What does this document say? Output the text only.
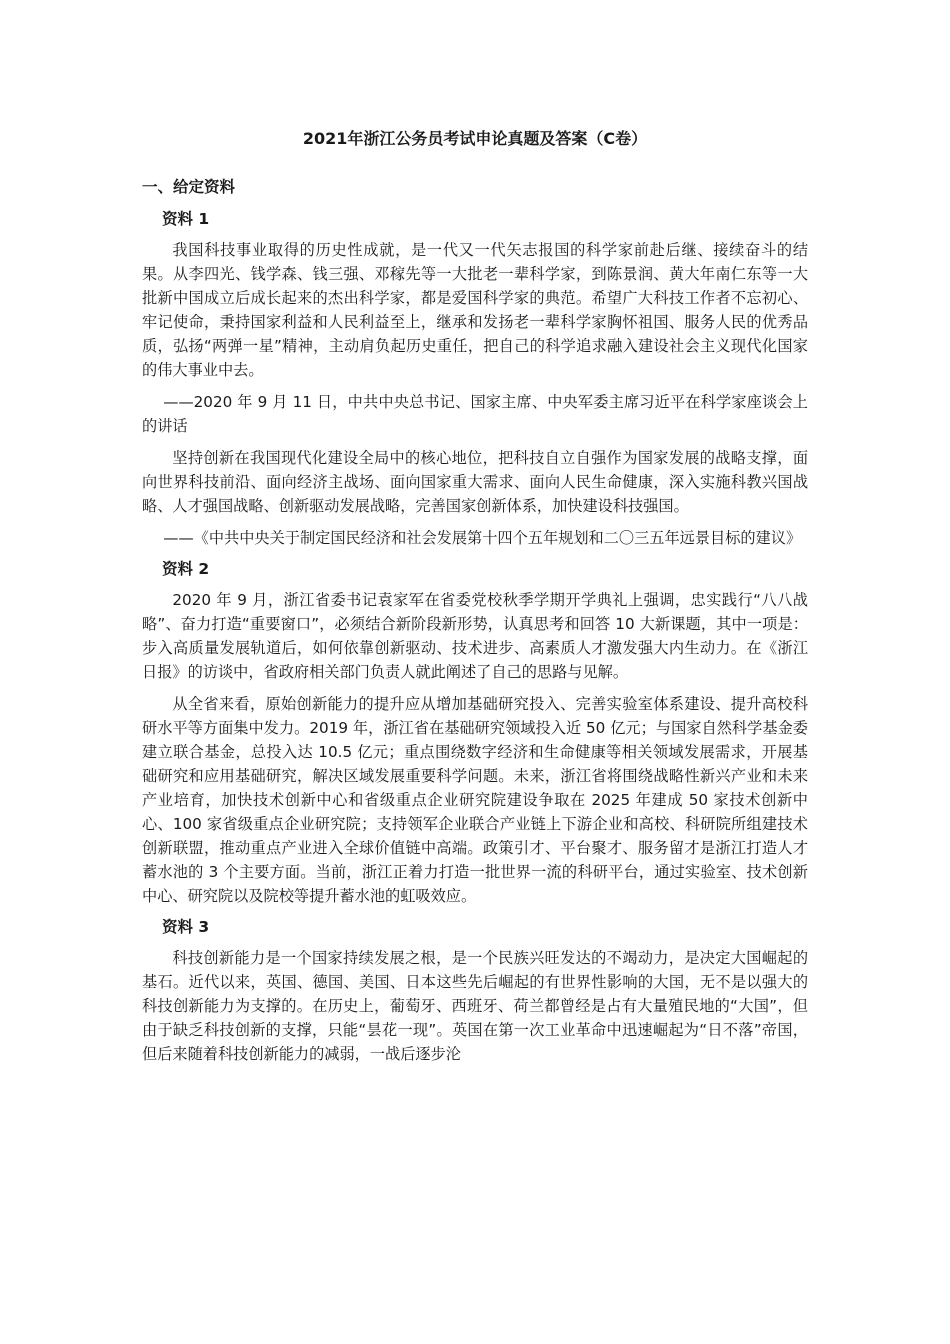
2021年浙江公务员考试申论真题及答案（C卷）
一、给定资料
资料 1

我国科技事业取得的历史性成就，是一代又一代矢志报国的科学家前赴后继、接续奋斗的结果。从李四光、钱学森、钱三强、邓稼先等一大批老一辈科学家，到陈景润、黄大年南仁东等一大批新中国成立后成长起来的杰出科学家，都是爱国科学家的典范。希望广大科技工作者不忘初心、牢记使命，秉持国家利益和人民利益至上，继承和发扬老一辈科学家胸怀祖国、服务人民的优秀品质，弘扬“两弹一星”精神，主动肩负起历史重任，把自己的科学追求融入建设社会主义现代化国家的伟大事业中去。

——2020 年 9 月 11 日，中共中央总书记、国家主席、中央军委主席习近平在科学家座谈会上的讲话

坚持创新在我国现代化建设全局中的核心地位，把科技自立自强作为国家发展的战略支撑，面向世界科技前沿、面向经济主战场、面向国家重大需求、面向人民生命健康，深入实施科教兴国战略、人才强国战略、创新驱动发展战略，完善国家创新体系，加快建设科技强国。

——《中共中央关于制定国民经济和社会发展第十四个五年规划和二〇三五年远景目标的建议》

资料 2

2020 年 9 月，浙江省委书记袁家军在省委党校秋季学期开学典礼上强调，忠实践行“八八战略”、奋力打造“重要窗口”，必须结合新阶段新形势，认真思考和回答 10 大新课题，其中一项是：步入高质量发展轨道后，如何依靠创新驱动、技术进步、高素质人才激发强大内生动力。在《浙江日报》的访谈中，省政府相关部门负责人就此阐述了自己的思路与见解。

从全省来看，原始创新能力的提升应从增加基础研究投入、完善实验室体系建设、提升高校科研水平等方面集中发力。2019 年，浙江省在基础研究领域投入近 50 亿元；与国家自然科学基金委建立联合基金，总投入达 10.5 亿元；重点围绕数字经济和生命健康等相关领域发展需求，开展基础研究和应用基础研究，解决区域发展重要科学问题。未来，浙江省将围绕战略性新兴产业和未来产业培育，加快技术创新中心和省级重点企业研究院建设争取在 2025 年建成 50 家技术创新中心、100 家省级重点企业研究院；支持领军企业联合产业链上下游企业和高校、科研院所组建技术创新联盟，推动重点产业进入全球价值链中高端。政策引才、平台聚才、服务留才是浙江打造人才蓄水池的 3 个主要方面。当前，浙江正着力打造一批世界一流的科研平台，通过实验室、技术创新中心、研究院以及院校等提升蓄水池的虹吸效应。

资料 3

科技创新能力是一个国家持续发展之根，是一个民族兴旺发达的不竭动力，是决定大国崛起的基石。近代以来，英国、德国、美国、日本这些先后崛起的有世界性影响的大国，无不是以强大的科技创新能力为支撑的。在历史上，葡萄牙、西班牙、荷兰都曾经是占有大量殖民地的“大国”，但由于缺乏科技创新的支撑，只能“昙花一现”。英国在第一次工业革命中迅速崛起为“日不落”帝国，但后来随着科技创新能力的减弱，一战后逐步沦
